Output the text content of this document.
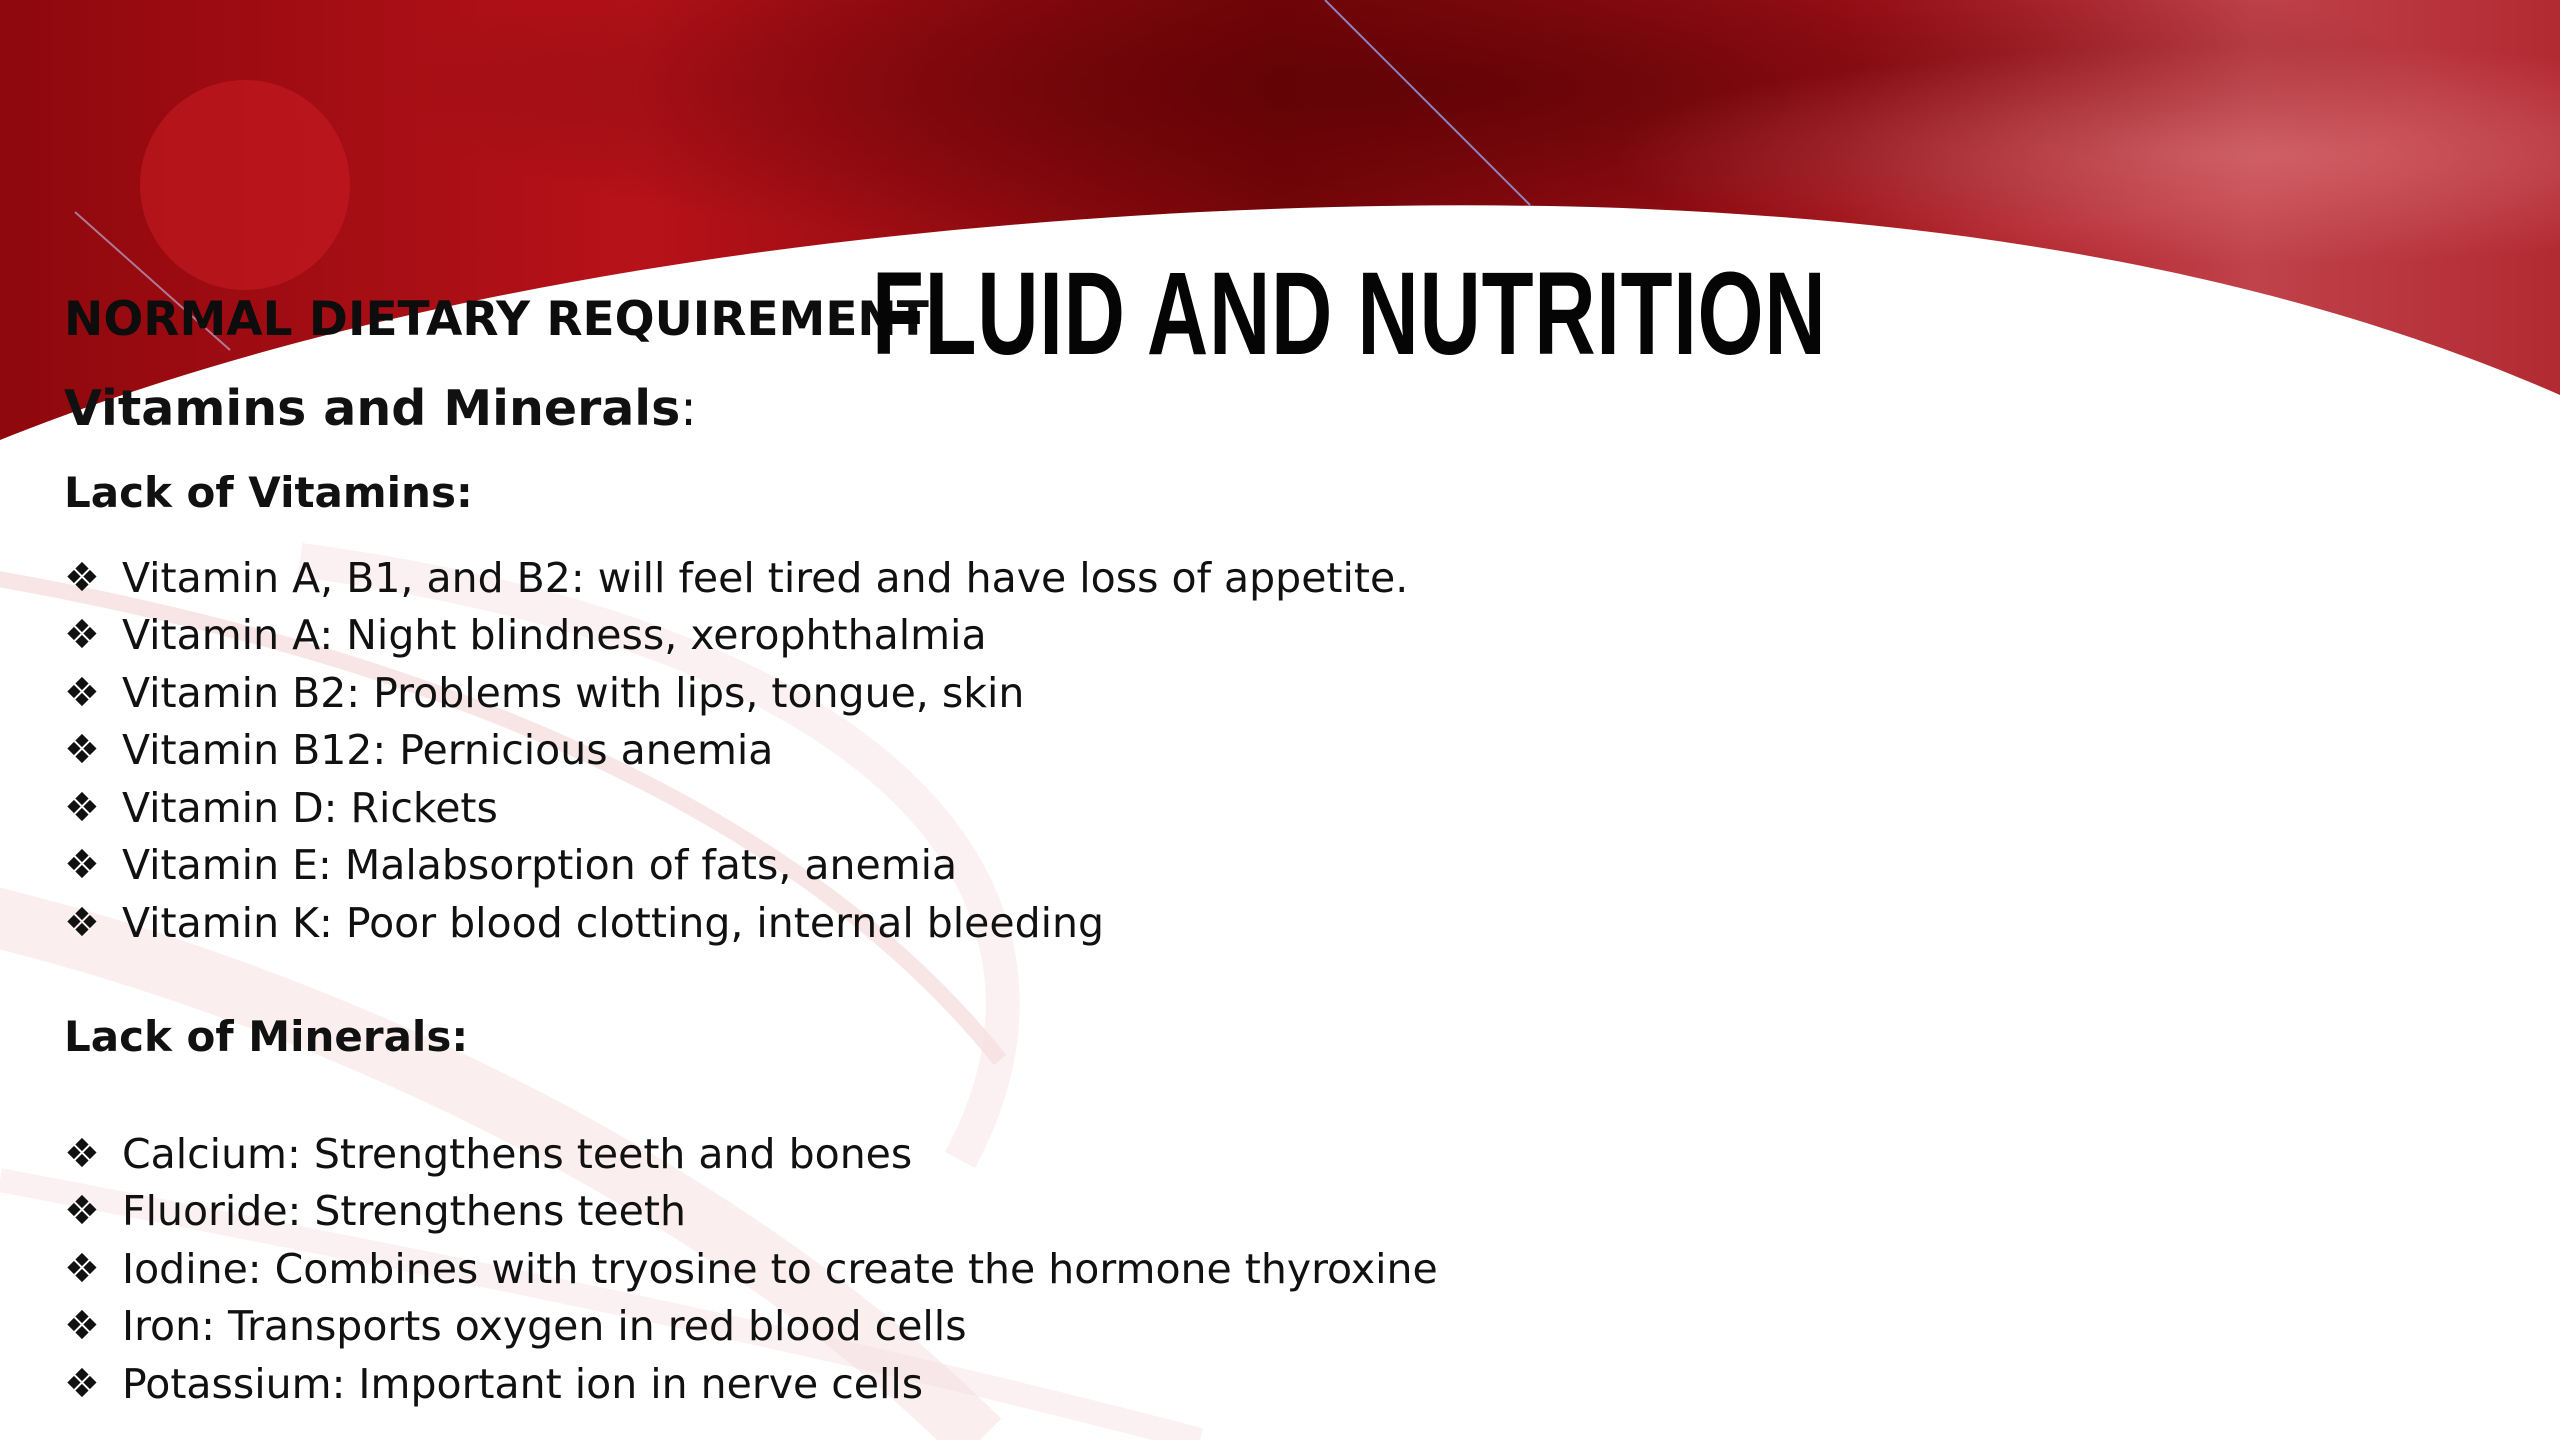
NORMAL DIETARY REQUIREMENT:
FLUID AND NUTRITION
Vitamins and Minerals:
Lack of Vitamins:
❖ Vitamin A, B1, and B2: will feel tired and have loss of appetite.
❖ Vitamin A: Night blindness, xerophthalmia
❖ Vitamin B2: Problems with lips, tongue, skin
❖ Vitamin B12: Pernicious anemia
❖ Vitamin D: Rickets
❖ Vitamin E: Malabsorption of fats, anemia
❖ Vitamin K: Poor blood clotting, internal bleeding
Lack of Minerals:
❖ Calcium: Strengthens teeth and bones
❖ Fluoride: Strengthens teeth
❖ Iodine: Combines with tryosine to create the hormone thyroxine
❖ Iron: Transports oxygen in red blood cells
❖ Potassium: Important ion in nerve cells
